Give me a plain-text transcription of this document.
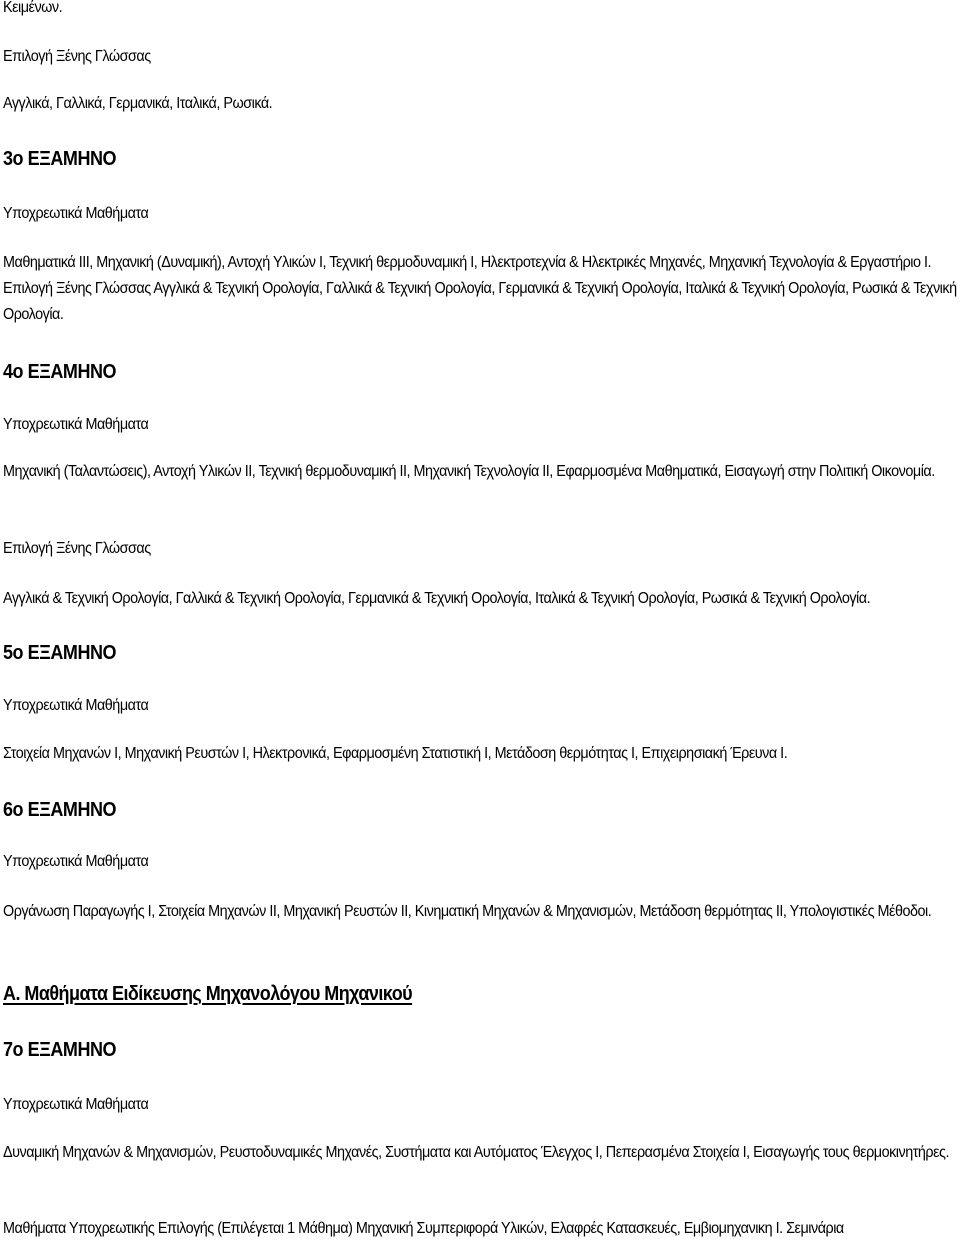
Κειμένων.

Επιλογή Ξένης Γλώσσας

Αγγλικά, Γαλλικά, Γερμανικά, Ιταλικά, Ρωσικά.

3ο ΕΞΑΜΗΝΟ

Υποχρεωτικά Μαθήματα

Μαθηματικά ΙΙΙ, Μηχανική (Δυναμική), Αντοχή Υλικών Ι, Τεχνική θερμοδυναμική Ι, Ηλεκτροτεχνία & Ηλεκτρικές Μηχανές, Μηχανική Τεχνολογία & Εργαστήριο Ι. Επιλογή Ξένης Γλώσσας Αγγλικά & Τεχνική Ορολογία, Γαλλικά & Τεχνική Ορολογία, Γερμανικά & Τεχνική Ορολογία, Ιταλικά & Τεχνική Ορολογία, Ρωσικά & Τεχνική Ορολογία.

4ο ΕΞΑΜΗΝΟ

Υποχρεωτικά Μαθήματα

Μηχανική (Ταλαντώσεις), Αντοχή Υλικών ΙΙ, Τεχνική θερμοδυναμική ΙΙ, Μηχανική Τεχνολογία ΙΙ, Εφαρμοσμένα Μαθηματικά, Εισαγωγή στην Πολιτική Οικονομία.

Επιλογή Ξένης Γλώσσας

Αγγλικά & Τεχνική Ορολογία, Γαλλικά & Τεχνική Ορολογία, Γερμανικά & Τεχνική Ορολογία, Ιταλικά & Τεχνική Ορολογία, Ρωσικά & Τεχνική Ορολογία.

5ο ΕΞΑΜΗΝΟ

Υποχρεωτικά Μαθήματα

Στοιχεία Μηχανών Ι, Μηχανική Ρευστών Ι, Ηλεκτρονικά, Εφαρμοσμένη Στατιστική Ι, Μετάδοση θερμότητας Ι, Επιχειρησιακή Έρευνα Ι.

6ο ΕΞΑΜΗΝΟ

Υποχρεωτικά Μαθήματα

Οργάνωση Παραγωγής Ι, Στοιχεία Μηχανών ΙΙ, Μηχανική Ρευστών ΙΙ, Κινηματική Μηχανών & Μηχανισμών, Μετάδοση θερμότητας ΙΙ, Υπολογιστικές Μέθοδοι.

Α. Μαθήματα Ειδίκευσης Μηχανολόγου Μηχανικού

7ο ΕΞΑΜΗΝΟ

Υποχρεωτικά Μαθήματα

Δυναμική Μηχανών & Μηχανισμών, Ρευστοδυναμικές Μηχανές, Συστήματα και Αυτόματος Έλεγχος Ι, Πεπερασμένα Στοιχεία Ι, Εισαγωγής τους θερμοκινητήρες.

Μαθήματα Υποχρεωτικής Επιλογής (Επιλέγεται 1 Μάθημα) Μηχανική Συμπεριφορά Υλικών, Ελαφρές Κατασκευές, Εμβιομηχανικη Ι. Σεμινάρια
